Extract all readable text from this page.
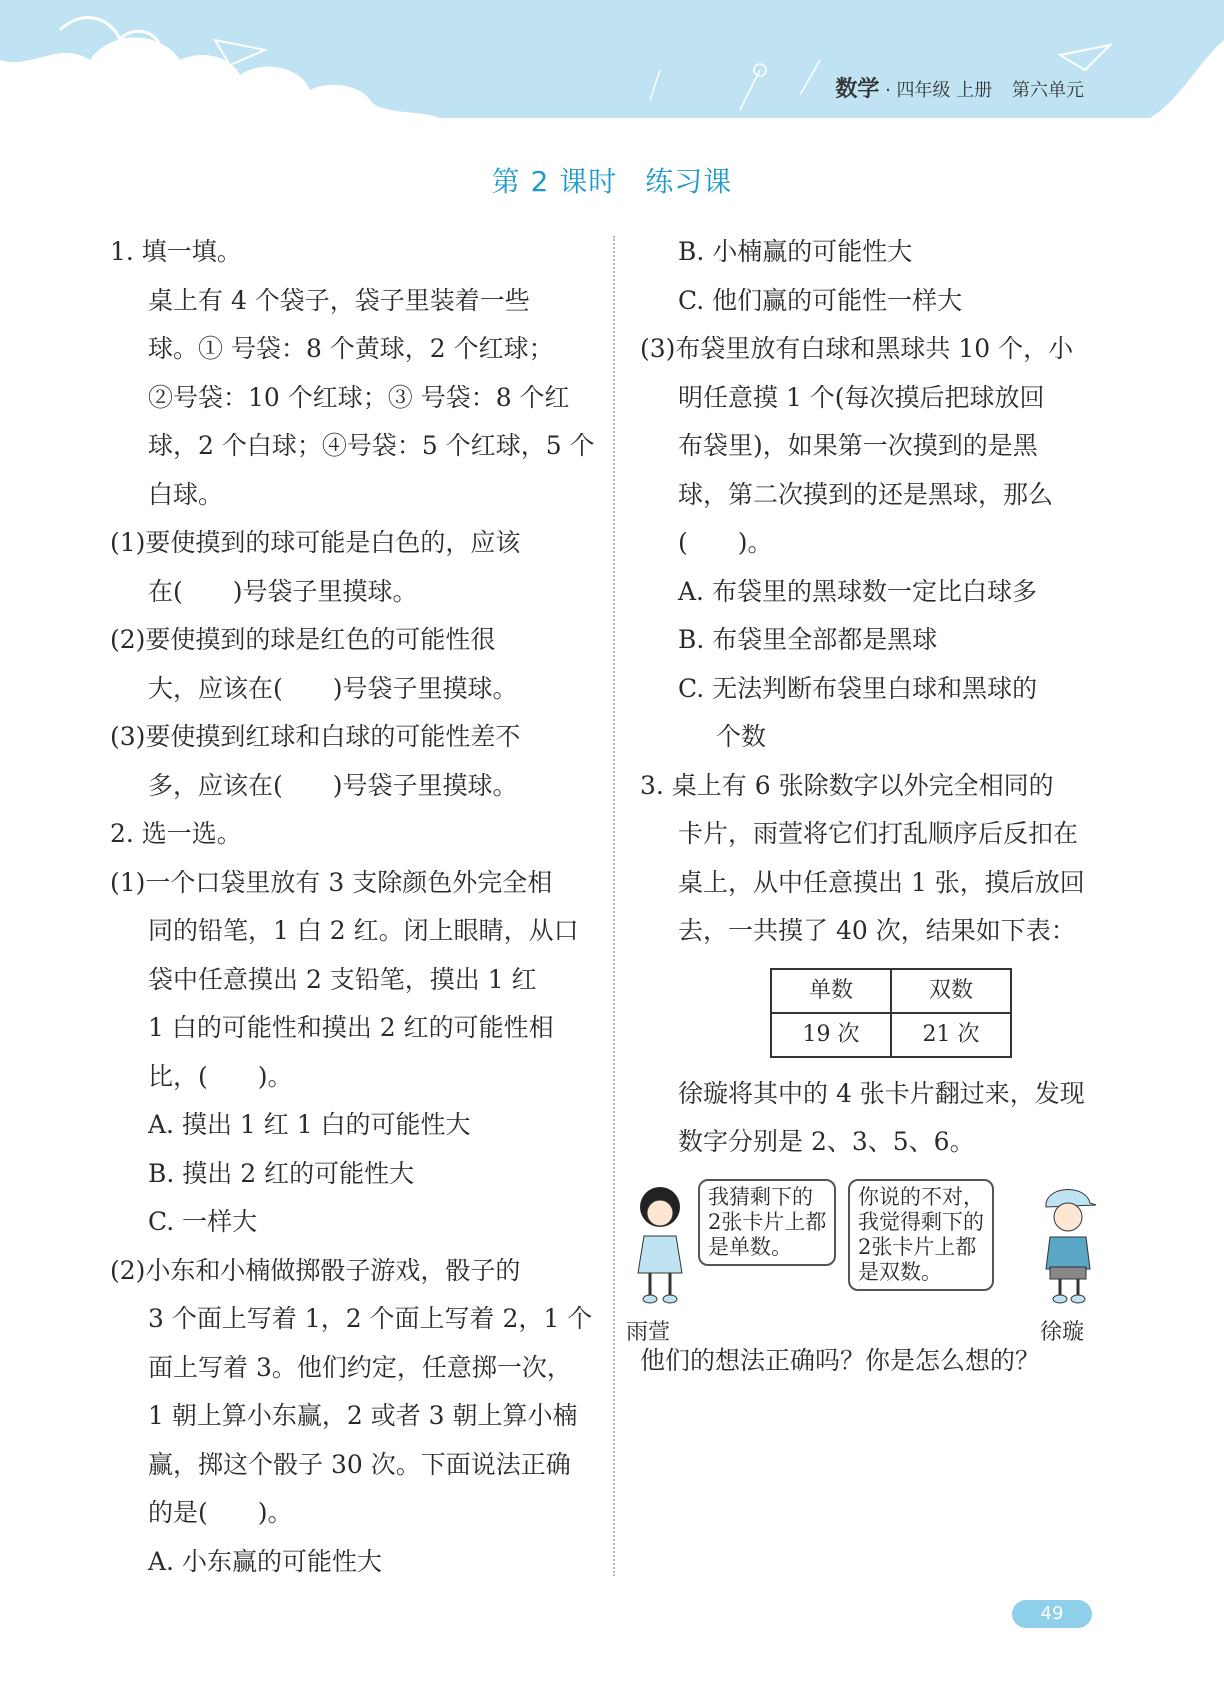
数学 · 四年级 上册 第六单元
第 2 课时 练习课

1. 填一填。

桌上有 4 个袋子，袋子里装着一些

球。① 号袋：8 个黄球，2 个红球；

②号袋：10 个红球；③ 号袋：8 个红

球，2 个白球；④号袋：5 个红球，5 个

白球。

(1)要使摸到的球可能是白色的，应该

在(　　)号袋子里摸球。

(2)要使摸到的球是红色的可能性很

大，应该在(　　)号袋子里摸球。

(3)要使摸到红球和白球的可能性差不

多，应该在(　　)号袋子里摸球。

2. 选一选。

(1)一个口袋里放有 3 支除颜色外完全相

同的铅笔，1 白 2 红。闭上眼睛，从口

袋中任意摸出 2 支铅笔，摸出 1 红

1 白的可能性和摸出 2 红的可能性相

比，(　　)。

A. 摸出 1 红 1 白的可能性大

B. 摸出 2 红的可能性大

C. 一样大

(2)小东和小楠做掷骰子游戏，骰子的

3 个面上写着 1，2 个面上写着 2，1 个

面上写着 3。他们约定，任意掷一次，

1 朝上算小东赢，2 或者 3 朝上算小楠

赢，掷这个骰子 30 次。下面说法正确

的是(　　)。

A. 小东赢的可能性大

B. 小楠赢的可能性大

C. 他们赢的可能性一样大

(3)布袋里放有白球和黑球共 10 个，小

明任意摸 1 个(每次摸后把球放回

布袋里)，如果第一次摸到的是黑

球，第二次摸到的还是黑球，那么

(　　)。

A. 布袋里的黑球数一定比白球多

B. 布袋里全部都是黑球

C. 无法判断布袋里白球和黑球的

个数

3. 桌上有 6 张除数字以外完全相同的

卡片，雨萱将它们打乱顺序后反扣在

桌上，从中任意摸出 1 张，摸后放回

去，一共摸了 40 次，结果如下表：

单数	双数
19 次	21 次

徐璇将其中的 4 张卡片翻过来，发现

数字分别是 2、3、5、6。

我猜剩下的
2张卡片上都
是单数。
你说的不对，
我觉得剩下的
2张卡片上都
是双数。
雨萱	徐璇

他们的想法正确吗？你是怎么想的？

49
